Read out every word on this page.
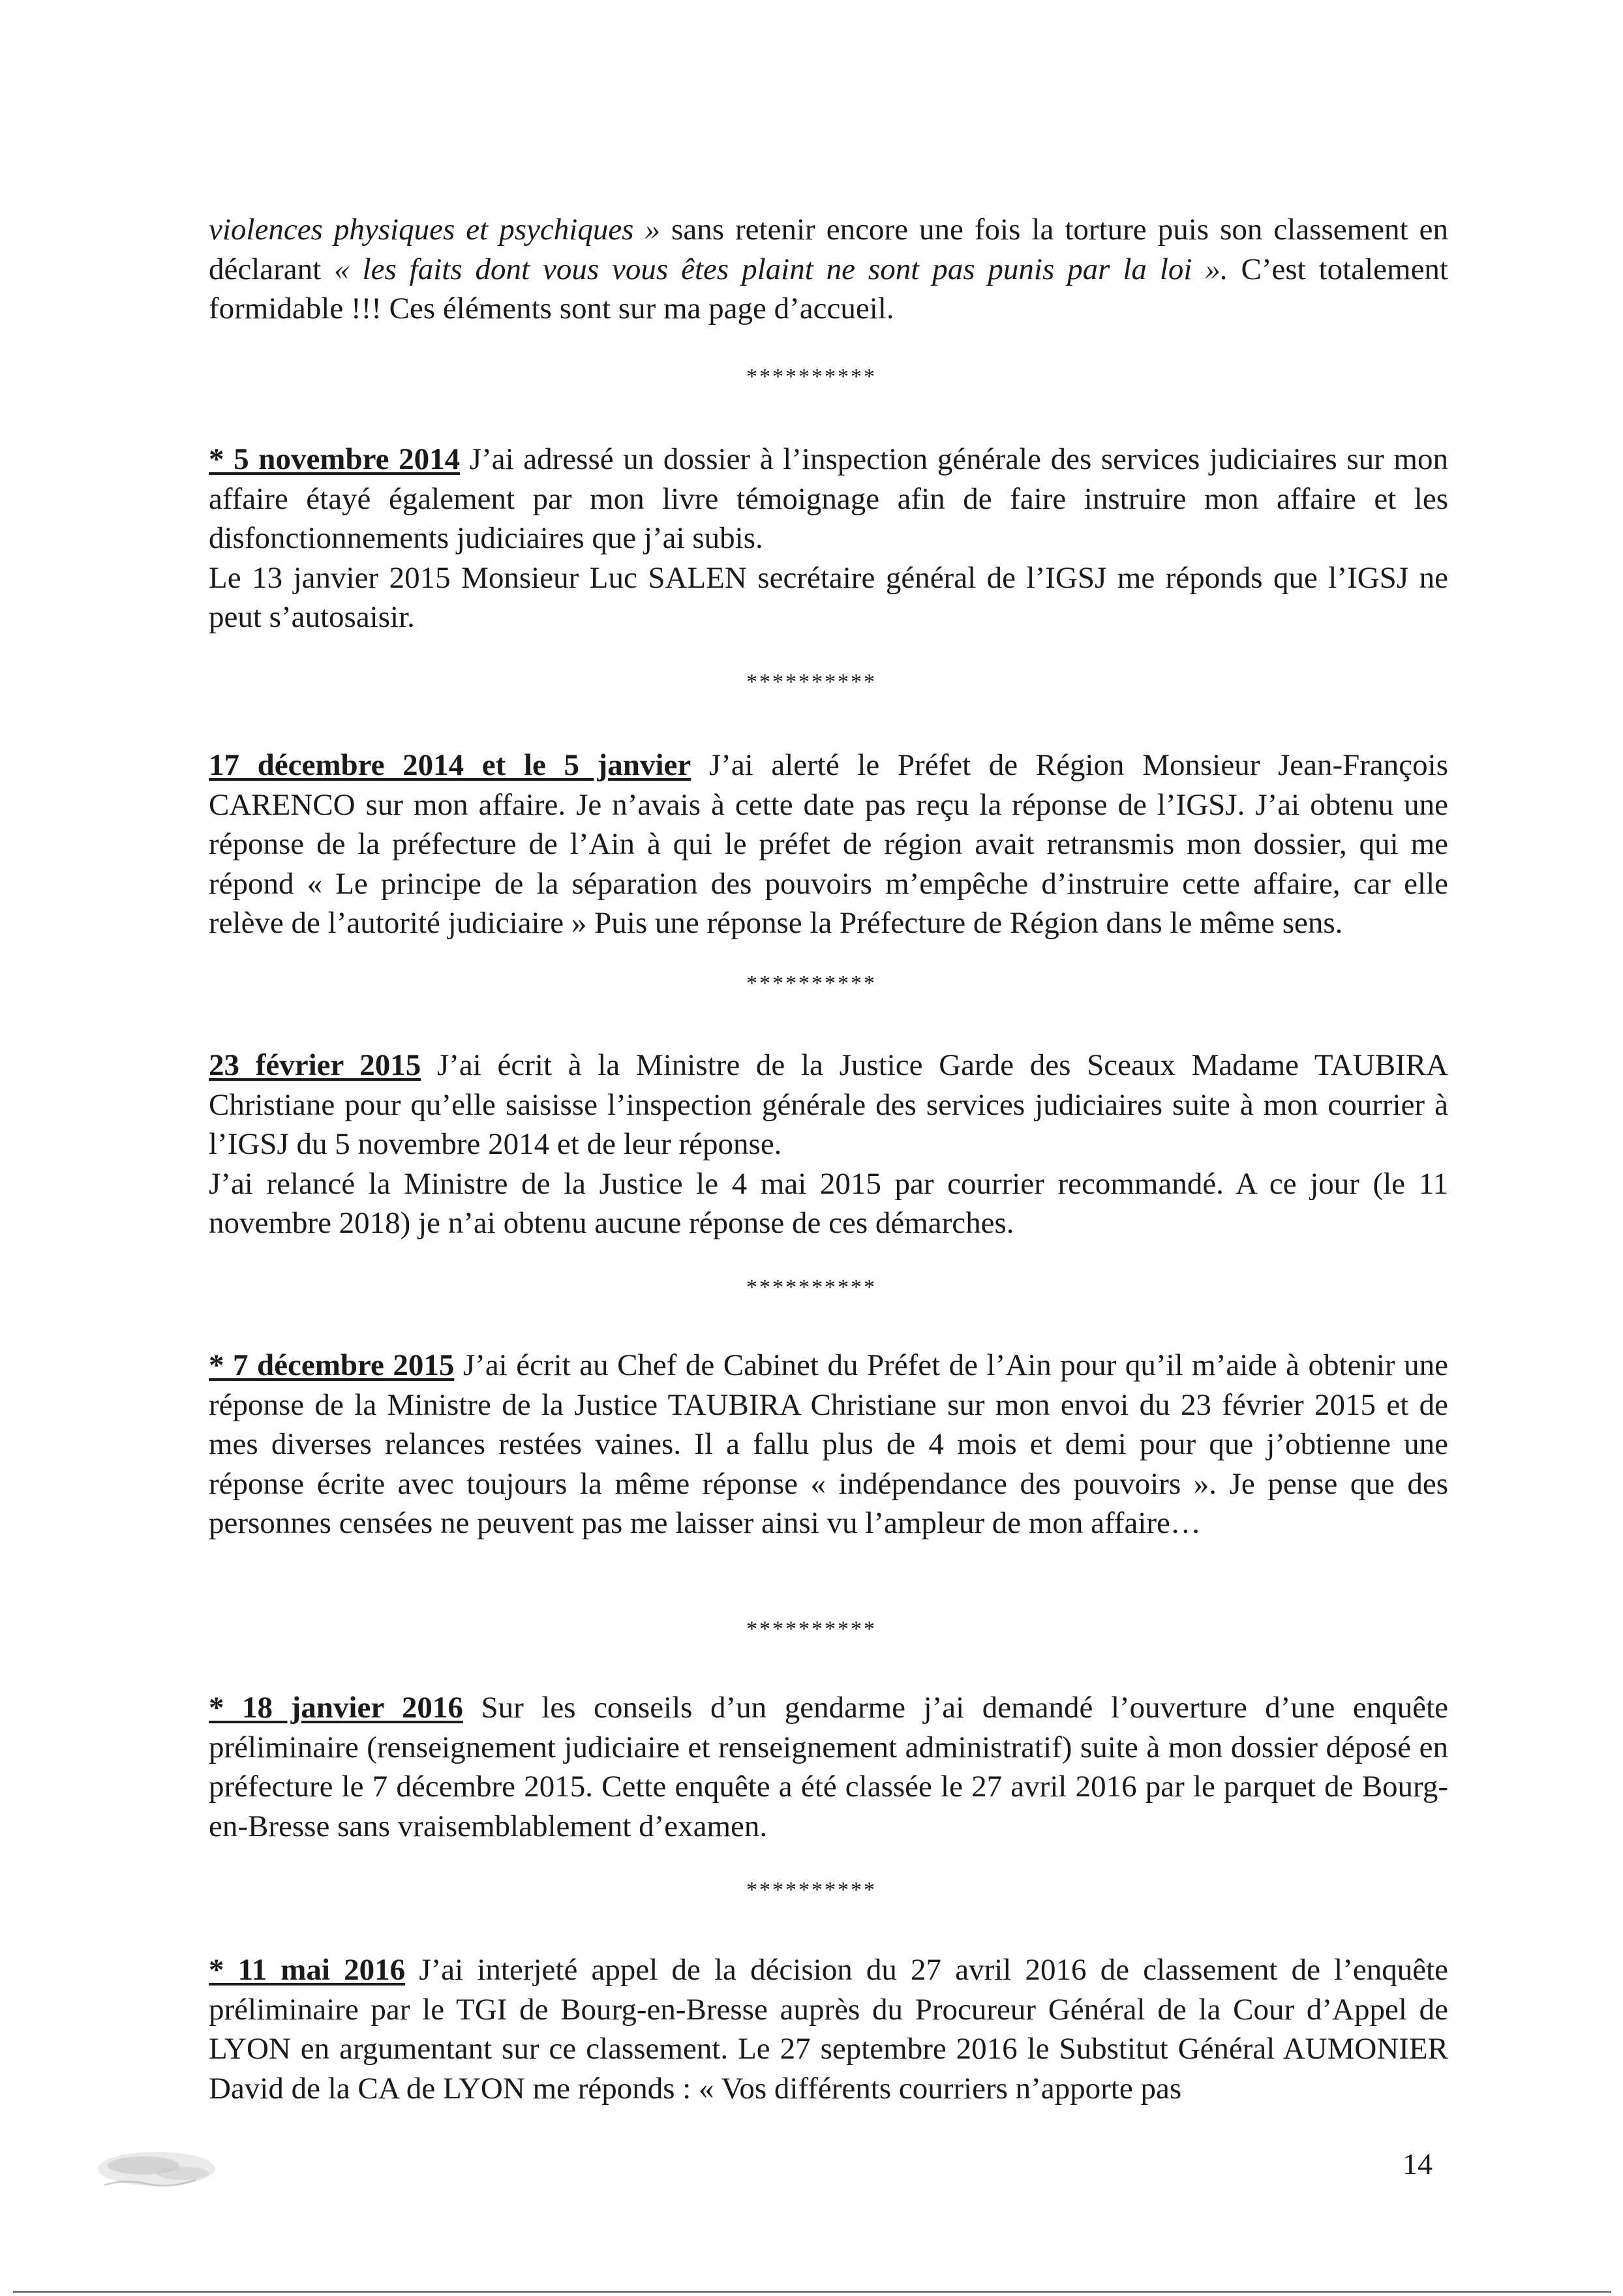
violences physiques et psychiques » sans retenir encore une fois la torture puis son classement en déclarant « les faits dont vous vous êtes plaint ne sont pas punis par la loi ». C’est totalement formidable !!! Ces éléments sont sur ma page d’accueil.

**********

* 5 novembre 2014 J’ai adressé un dossier à l’inspection générale des services judiciaires sur mon affaire étayé également par mon livre témoignage afin de faire instruire mon affaire et les disfonctionnements judiciaires que j’ai subis.

Le 13 janvier 2015 Monsieur Luc SALEN secrétaire général de l’IGSJ me réponds que l’IGSJ ne peut s’autosaisir.

**********

17 décembre 2014 et le 5 janvier J’ai alerté le Préfet de Région Monsieur Jean-François CARENCO sur mon affaire. Je n’avais à cette date pas reçu la réponse de l’IGSJ. J’ai obtenu une réponse de la préfecture de l’Ain à qui le préfet de région avait retransmis mon dossier, qui me répond « Le principe de la séparation des pouvoirs m’empêche d’instruire cette affaire, car elle relève de l’autorité judiciaire » Puis une réponse la Préfecture de Région dans le même sens.

**********

23 février 2015 J’ai écrit à la Ministre de la Justice Garde des Sceaux Madame TAUBIRA Christiane pour qu’elle saisisse l’inspection générale des services judiciaires suite à mon courrier à l’IGSJ du 5 novembre 2014 et de leur réponse.

J’ai relancé la Ministre de la Justice le 4 mai 2015 par courrier recommandé. A ce jour (le 11 novembre 2018) je n’ai obtenu aucune réponse de ces démarches.

**********

* 7 décembre 2015 J’ai écrit au Chef de Cabinet du Préfet de l’Ain pour qu’il m’aide à obtenir une réponse de la Ministre de la Justice TAUBIRA Christiane sur mon envoi du 23 février 2015 et de mes diverses relances restées vaines. Il a fallu plus de 4 mois et demi pour que j’obtienne une réponse écrite avec toujours la même réponse « indépendance des pouvoirs ». Je pense que des personnes censées ne peuvent pas me laisser ainsi vu l’ampleur de mon affaire…

**********

* 18 janvier 2016 Sur les conseils d’un gendarme j’ai demandé l’ouverture d’une enquête préliminaire (renseignement judiciaire et renseignement administratif) suite à mon dossier déposé en préfecture le 7 décembre 2015. Cette enquête a été classée le 27 avril 2016 par le parquet de Bourg-en-Bresse sans vraisemblablement d’examen.

**********

* 11 mai 2016 J’ai interjeté appel de la décision du 27 avril 2016 de classement de l’enquête préliminaire par le TGI de Bourg-en-Bresse auprès du Procureur Général de la Cour d’Appel de LYON en argumentant sur ce classement. Le 27 septembre 2016 le Substitut Général AUMONIER David de la CA de LYON me réponds : « Vos différents courriers n’apporte pas

14
